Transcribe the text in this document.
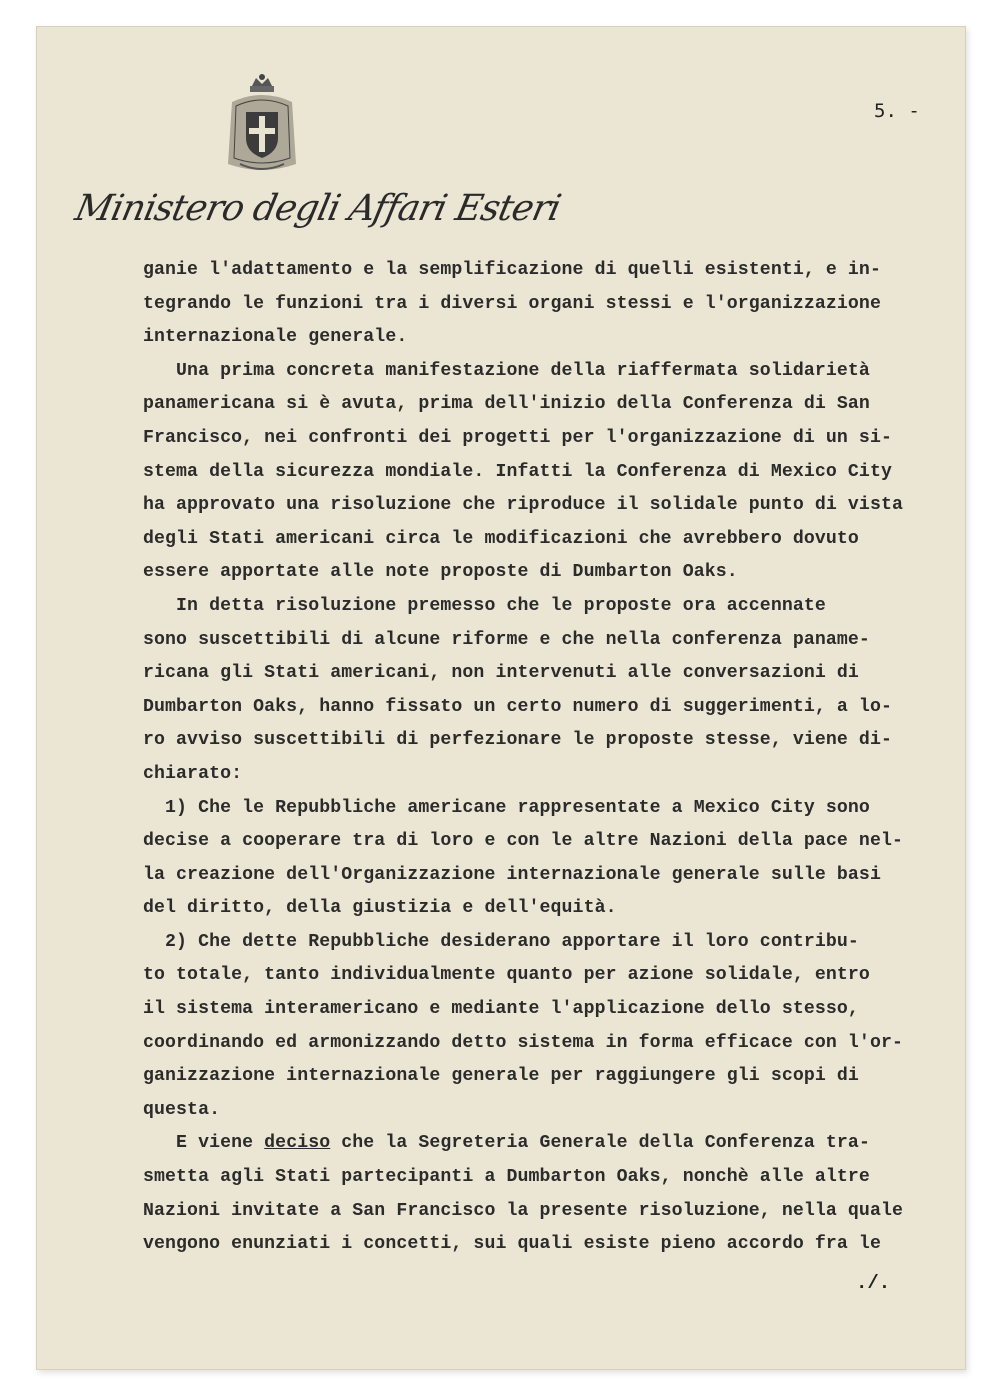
5. -
Ministero degli Affari Esteri
ganie l'adattamento e la semplificazione di quelli esistenti, e in-
tegrando le funzioni tra i diversi organi stessi e l'organizzazione
internazionale generale.
Una prima concreta manifestazione della riaffermata solidarietà
panamericana si è avuta, prima dell'inizio della Conferenza di San
Francisco, nei confronti dei progetti per l'organizzazione di un si-
stema della sicurezza mondiale. Infatti la Conferenza di Mexico City
ha approvato una risoluzione che riproduce il solidale punto di vista
degli Stati americani circa le modificazioni che avrebbero dovuto
essere apportate alle note proposte di Dumbarton Oaks.
In detta risoluzione premesso che le proposte ora accennate
sono suscettibili di alcune riforme e che nella conferenza paname-
ricana gli Stati americani, non intervenuti alle conversazioni di
Dumbarton Oaks, hanno fissato un certo numero di suggerimenti, a lo-
ro avviso suscettibili di perfezionare le proposte stesse, viene di-
chiarato:
1) Che le Repubbliche americane rappresentate a Mexico City sono
decise a cooperare tra di loro e con le altre Nazioni della pace nel-
la creazione dell'Organizzazione internazionale generale sulle basi
del diritto, della giustizia e dell'equità.
2) Che dette Repubbliche desiderano apportare il loro contribu-
to totale, tanto individualmente quanto per azione solidale, entro
il sistema interamericano e mediante l'applicazione dello stesso,
coordinando ed armonizzando detto sistema in forma efficace con l'or-
ganizzazione internazionale generale per raggiungere gli scopi di
questa.
E viene deciso che la Segreteria Generale della Conferenza tra-
smetta agli Stati partecipanti a Dumbarton Oaks, nonchè alle altre
Nazioni invitate a San Francisco la presente risoluzione, nella quale
vengono enunziati i concetti, sui quali esiste pieno accordo fra le
./.
